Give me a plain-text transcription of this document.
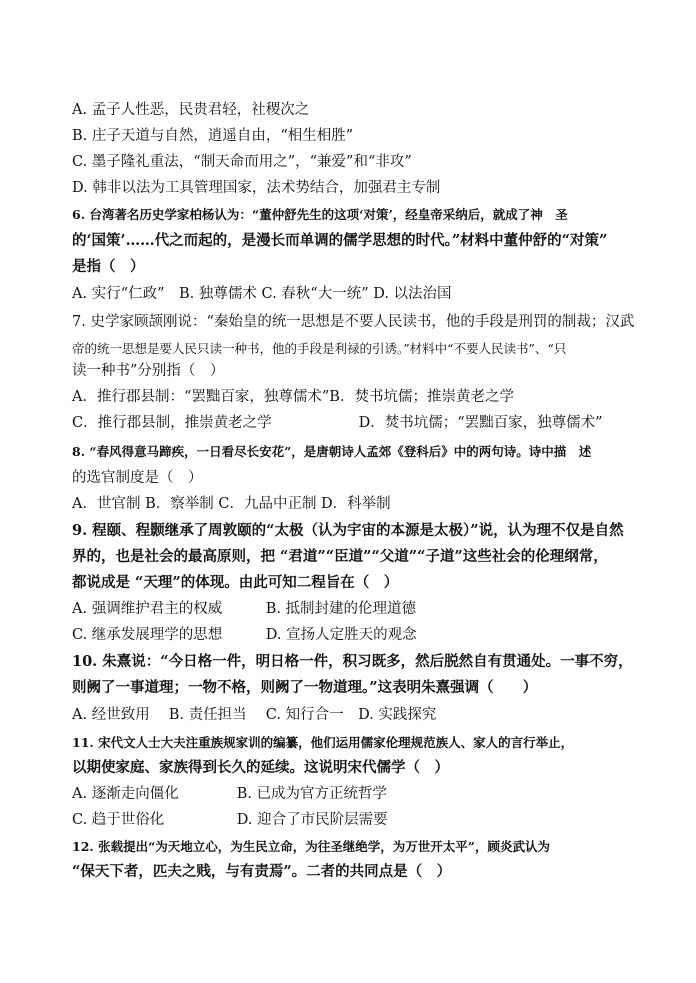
A. 孟子人性恶，民贵君轻，社稷次之
B. 庄子天道与自然，逍遥自由，“相生相胜”
C. 墨子隆礼重法，“制天命而用之”，“兼爱”和“非攻”
D. 韩非以法为工具管理国家，法术势结合，加强君主专制
6. 台湾著名历史学家柏杨认为：“董仲舒先生的这项‘对策’，经皇帝采纳后，就成了神　圣
的‘国策’……代之而起的，是漫长而单调的儒学思想的时代。”材料中董仲舒的“对策”
是指（　）
A. 实行“仁政”　B. 独尊儒术 C. 春秋“大一统” D. 以法治国
7. 史学家顾颉刚说：“秦始皇的统一思想是不要人民读书，他的手段是刑罚的制裁；汉武
帝的统一思想是要人民只读一种书，他的手段是利禄的引诱。”材料中“不要人民读书”、“只
读一种书”分别指（　）
A．推行郡县制：“罢黜百家，独尊儒术”B．焚书坑儒；推崇黄老之学
C．推行郡县制，推崇黄老之学　　　　　　D．焚书坑儒；“罢黜百家，独尊儒术”
8. “春风得意马蹄疾，一日看尽长安花”，是唐朝诗人孟郊《登科后》中的两句诗。诗中描　述
的选官制度是（　）
A．世官制 B．察举制 C．九品中正制 D．科举制
9. 程颐、程颢继承了周敦颐的“太极（认为宇宙的本源是太极）”说，认为理不仅是自然
界的，也是社会的最高原则，把 “君道”“臣道”“父道”“子道”这些社会的伦理纲常，
都说成是 “天理”的体现。由此可知二程旨在（　）
A. 强调维护君主的权威　　　B. 抵制封建的伦理道德
C. 继承发展理学的思想　　　D. 宣扬人定胜天的观念
10. 朱熹说：“今日格一件，明日格一件，积习既多，然后脱然自有贯通处。一事不穷，
则阙了一事道理；一物不格，则阙了一物道理。”这表明朱熹强调（　　）
A. 经世致用　 B. 责任担当　 C. 知行合一　D. 实践探究
11. 宋代文人士大夫注重族规家训的编纂，他们运用儒家伦理规范族人、家人的言行举止，
以期使家庭、家族得到长久的延续。这说明宋代儒学（　）
A. 逐渐走向僵化　　　　B. 已成为官方正统哲学
C. 趋于世俗化　　　　　D. 迎合了市民阶层需要
12. 张载提出“为天地立心，为生民立命，为往圣继绝学，为万世开太平”，顾炎武认为
“保天下者，匹夫之贱，与有责焉”。二者的共同点是（　）
